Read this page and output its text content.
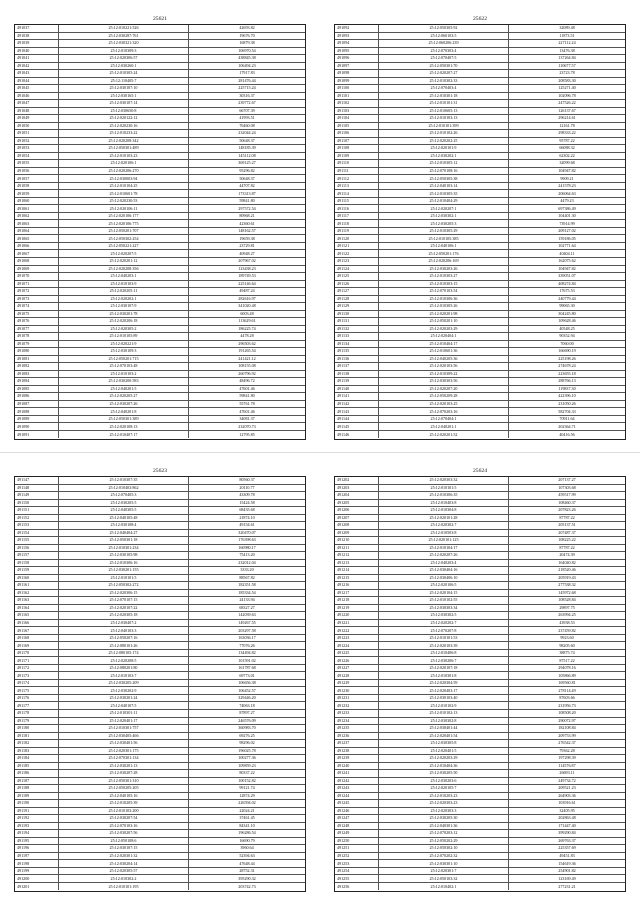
25621
491037	25:12:010221:526	42693.82
491038	25:12:030287:761	19676.70
491039	25:12:030321:320	16879.38
491040	25:12:010309:3	106970.54
491041	25:12:020306:57	438845.38
491042	25:12:030260:1	106494.23
491043	25:12:010305:24	17917.83
491044	25:12:110405:7	281476.44
491045	25:12:030107:10	225715.24
491046	25:12:030165:1	30316.37
491047	25:12:030107:14	239772.67
491048	25:12:030650:8	66707.39
491049	25:12:020122:12	41993.51
491050	25:12:020230:16	76460.08
491051	25:12:010233:22	232044.24
491052	25:12:020208:342	50648.37
491053	25:12:050301:489	148185.39
491054	25:12:010103:23	145112.08
491055	25:12:020106:1	369125.27
491056	25:12:020206:270	95296.82
491057	25:12:030003:94	50648.37
491058	25:12:010104:25	44707.82
491059	25:12:010601:78	173313.87
491060	25:12:020230:53	59841.80
491061	25:12:020106:11	297572.54
491062	25:12:020106:177	80968.21
491063	25:12:020106:775	42360.61
491064	25:12:050201:707	148162.57
491065	25:12:050302:254	19659.38
491066	25:12:050221:227	23729.81
491067	25:12:020207:5	40948.27
491068	25:12:020201:12	207967.02
491069	25:12:020208:356	123438.23
491070	25:12:040203:1	189749.53
491071	25:12:010103:9	225146.64
491072	25:12:020205:11	49487.24
491073	25:12:020202:1	282616.97
491074	25:12:030107:9	341020.48
491075	25:12:030201:78	6003.48
491076	25:12:020206:18	113629.61
491077	25:12:020305:2	186225.74
491078	25:12:010105:89	4478.28
491079	25:12:020221:9	296503.62
491080	25:12:030109:3	191265.54
491081	25:12:050201:715	241421.12
491082	25:12:070103:48	108155.08
491083	25:12:010103:2	260796.92
491084	25:12:030200:583	48496.72
491085	25:12:040201:5	47601.46
491086	25:12:020205:27	59841.80
491087	25:12:030207:26	55761.78
491088	25:12:040201:8	47601.46
491089	25:12:050301:389	34081.37
491090	25:12:020108:13	232070.73
491091	25:12:010407:17	12795.85
25622
491092	25:12:050305:92	32089.48
491093	25:12:060103:5	11873.51
491094	25:12:060206:239	227112.24
491095	25:12:070303:4	13476.38
491096	25:12:070407:5	137264.84
491097	25:12:050301:70	110677.57
491098	25:12:020207:27	23723.78
491099	25:12:010302:33	208583.30
491100	25:12:070403:4	125271.40
491101	25:12:010301:18	102096.78
491102	25:12:010101:31	247526.22
491103	25:12:010605:13	126137.67
491104	25:12:010103:13	296214.61
491105	25:12:010101:399	12161.78
491106	25:12:010102:26	298333.22
491107	25:12:020202:25	95787.22
491108	25:12:020101:9	66088.32
491109	25:12:030202:1	62302.22
491110	25:12:010305:12	32099.68
491111	25:12:070108:16	104947.82
491112	25:12:050305:38	9909.21
491113	25:12:040103:14	241578.23
491114	25:12:010305:35	206064.63
491115	25:12:010404:29	4479.23
491116	25:12:020207:1	697386.49
491117	25:12:030302:1	104401.30
491118	25:12:030205:3	73914.99
491119	25:12:010305:29	209127.02
491120	25:12:010105:385	159186.05
491121	25:12:040106:1	102771.64
491122	25:12:050201:176	40404.11
491123	25:12:020206:169	162075.62
491124	25:12:030203:26	104947.82
491125	25:12:010303:27	339051.07
491126	25:12:010303:15	408274.84
491127	25:12:070103:54	17675.53
491128	25:12:010306:36	240779.44
491129	25:12:010305:26	99065.30
491130	25:12:020201:98	304245.80
491131	25:12:050201:10	109628.46
491132	25:12:020203:29	40548.25
491133	25:12:020404:1	90352.94
491134	25:12:010404:17	7060.00
491135	25:12:010601:36	166690.19
491136	25:12:040205:36	225198.26
491137	25:12:020103:56	274678.24
491138	25:12:010309:22	223655.18
491139	25:12:030303:56	288766.13
491140	25:12:020207:20	119837.30
491141	25:12:050209:28	422396.10
491142	25:12:020103:25	231050.26
491143	25:12:070203:16	582704.33
491144	25:12:070404:1	70911.64
491145	25:12:040201:1	202364.71
491146	25:12:020201:52	40416.56
25623
491147	25:12:010307:35	80560.37
491148	25:12:010403:862	20110.77
491149	25:12:070405:3	43309.78
491150	25:12:030205:5	15424.58
491151	25:12:040305:5	68435.68
491152	25:12:040105:48	21874.10
491153	25:12:030108:4	49154.61
491154	25:12:040404:27	320470.07
491155	25:12:050301:18	176398.63
491156	25:12:010301:234	160980.17
491157	25:12:030105:98	75413.20
491158	25:12:010306:16	232012.04
491159	25:12:030201:155	3333.20
491160	25:12:010101:5	88567.82
491161	25:12:050302:272	182351.58
491162	25:12:020306:15	185334.54
491163	25:12:070107:15	24133.94
491164	25:12:020107:22	68327.27
491165	25:12:020305:18	142039.63
491166	25:12:030407:2	149267.55
491167	25:12:040103:3	203297.58
491168	25:12:050207:16	163036.17
491169	25:12:080101:26	77076.26
491170	25:12:080105:174	134494.82
491171	25:12:020208:5	101591.02
491172	25:12:080201:80	161787.68
491173	25:12:010103:7	69773.01
491174	25:12:030205:209	106656.38
491175	25:12:030202:9	106452.57
491176	25:12:030201:24	329446.20
491177	25:12:040107:5	74063.18
491178	25:12:010301:11	87897.27
491179	25:12:020401:17	246576.09
491180	25:12:010301:757	360983.70
491181	25:12:030405:466	69276.25
491182	25:12:030401:56	98296.02
491183	25:12:020301:175	196025.78
491184	25:12:070301:134	100277.36
491185	25:12:030201:13	109859.23
491186	25:12:030207:28	80337.22
491187	25:12:050301:310	100152.82
491188	25:12:050205:205	99121.74
491189	25:12:040105:16	12874.29
491190	25:12:010205:39	226594.02
491191	25:12:010103:200	22024.21
491192	25:12:030207:54	37461.45
491193	25:12:070103:16	84341.10
491194	25:12:030207:56	196286.54
491195	25:12:050108:6	16690.79
491196	25:12:030107:15	3960.64
491197	25:12:020301:32	52394.63
491198	25:12:030204:14	47648.44
491199	25:12:020305:57	28752.31
491200	25:12:010302:2	395290.32
491201	25:12:010101:195	203742.73
25624
491202	25:12:020303:32	207137.27
491203	25:12:010101:5	107303.68
491204	25:12:010306:35	459517.99
491205	25:12:010403:8	108460.37
491206	25:12:010304:8	207823.26
491207	25:12:020101:28	87787.22
491208	25:12:020302:7	205137.51
491209	25:12:010503:8	207487.37
491210	25:12:020101:125	108225.22
491211	25:12:010104:17	87787.22
491212	25:12:020207:26	20474.39
491213	25:12:040203:4	164040.82
491214	25:12:030404:16	218520.46
491215	25:12:030406:10	205919.43
491216	25:12:020106:5	277538.32
491217	25:12:020104:15	145972.68
491218	25:12:010102:55	108528.84
491219	25:12:030303:34	29897.75
491220	25:12:030302:5	263994.25
491221	25:12:020202:7	43938.53
491222	25:12:070207:8	237459.82
491223	25:12:010101:53	9923.60
491224	25:12:020103:39	98205.60
491225	25:12:010406:8	38875.74
491226	25:12:030206:7	87517.22
491227	25:12:020107:18	294078.16
491228	25:12:010301:8	105866.89
491229	25:12:020304:59	169560.81
491230	25:12:020403:17	278114.49
491231	25:12:030103:40	87603.66
491232	25:12:010102:9	231956.73
491233	25:12:010102:13	108508.20
491234	25:12:030302:8	290072.97
491235	25:12:030401:44	182108.84
491236	25:12:020401:54	209753.99
491237	25:12:030305:8	276542.37
491238	25:12:020401:5	79362.28
491239	25:12:020203:29	197298.39
491240	25:12:010404:36	114576.87
491241	25:12:030205:50	26693.11
491242	25:12:030203:6	249734.72
491243	25:12:020105:7	209521.23
491244	25:12:010203:23	264903.36
491245	25:12:020303:23	103916.61
491246	25:12:020303:3	32405.95
491247	25:12:030205:30	202863.48
491248	25:12:040301:36	171447.40
491249	25:12:070203:12	399290.84
491250	25:12:050202:29	269763.37
491251	25:12:050302:10	225357.69
491252	25:12:070202:32	49451.83
491253	25:12:030301:10	154619.36
491254	25:12:020301:7	254901.82
491255	25:12:050103:32	123169.49
491256	25:12:010402:1	277231.21
